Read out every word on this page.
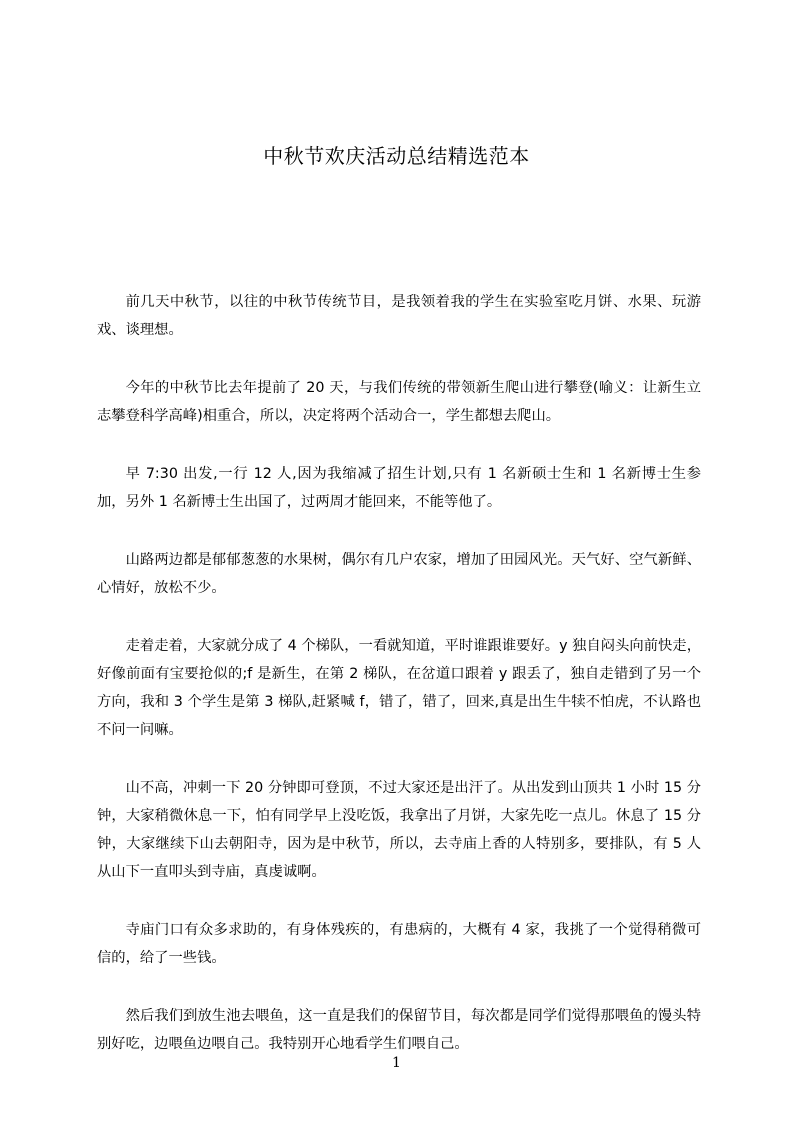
中秋节欢庆活动总结精选范本

前几天中秋节，以往的中秋节传统节目，是我领着我的学生在实验室吃月饼、水果、玩游戏、谈理想。

今年的中秋节比去年提前了 20 天，与我们传统的带领新生爬山进行攀登(喻义：让新生立志攀登科学高峰)相重合，所以，决定将两个活动合一，学生都想去爬山。

早 7:30 出发,一行 12 人,因为我缩减了招生计划,只有 1 名新硕士生和 1 名新博士生参加，另外 1 名新博士生出国了，过两周才能回来，不能等他了。

山路两边都是郁郁葱葱的水果树，偶尔有几户农家，增加了田园风光。天气好、空气新鲜、心情好，放松不少。

走着走着，大家就分成了 4 个梯队，一看就知道，平时谁跟谁要好。y 独自闷头向前快走，好像前面有宝要抢似的;f 是新生，在第 2 梯队，在岔道口跟着 y 跟丢了，独自走错到了另一个方向，我和 3 个学生是第 3 梯队,赶紧喊 f，错了，错了，回来,真是出生牛犊不怕虎，不认路也不问一问嘛。

山不高，冲刺一下 20 分钟即可登顶，不过大家还是出汗了。从出发到山顶共 1 小时 15 分钟，大家稍微休息一下，怕有同学早上没吃饭，我拿出了月饼，大家先吃一点儿。休息了 15 分钟，大家继续下山去朝阳寺，因为是中秋节，所以，去寺庙上香的人特别多，要排队，有 5 人从山下一直叩头到寺庙，真虔诚啊。

寺庙门口有众多求助的，有身体残疾的，有患病的，大概有 4 家，我挑了一个觉得稍微可信的，给了一些钱。

然后我们到放生池去喂鱼，这一直是我们的保留节目，每次都是同学们觉得那喂鱼的馒头特别好吃，边喂鱼边喂自己。我特别开心地看学生们喂自己。

1
